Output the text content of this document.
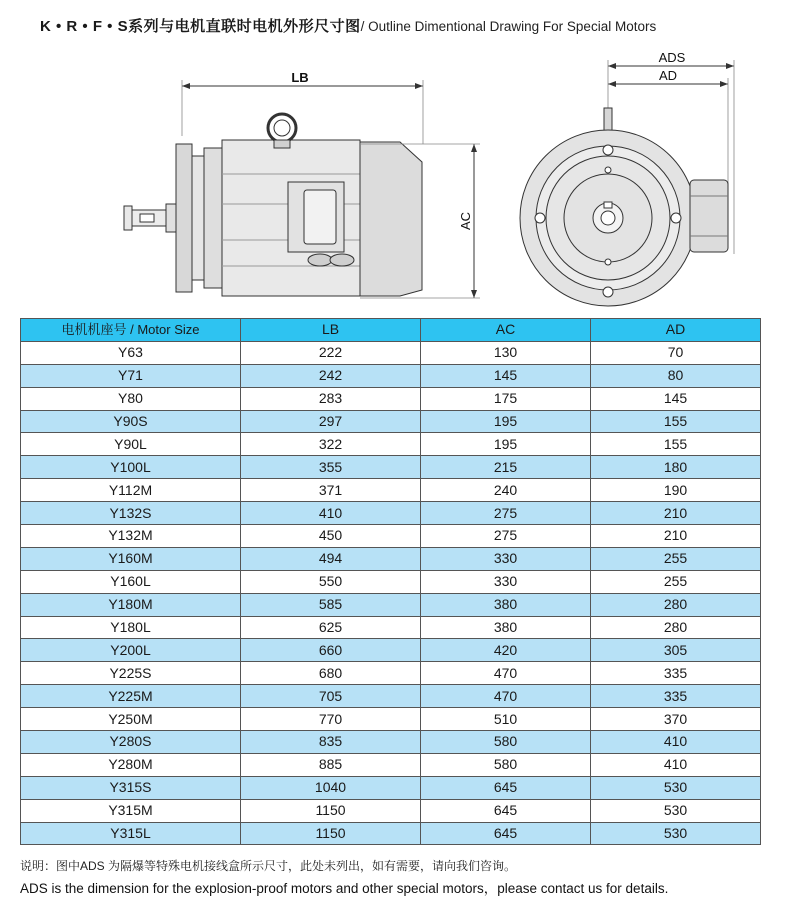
K • R • F • S系列与电机直联时电机外形尺寸图/ Outline Dimentional Drawing For Special Motors
LB
AC
ADS
AD
电机机座号 / Motor Size	LB	AC	AD
Y63	222	130	70
Y71	242	145	80
Y80	283	175	145
Y90S	297	195	155
Y90L	322	195	155
Y100L	355	215	180
Y112M	371	240	190
Y132S	410	275	210
Y132M	450	275	210
Y160M	494	330	255
Y160L	550	330	255
Y180M	585	380	280
Y180L	625	380	280
Y200L	660	420	305
Y225S	680	470	335
Y225M	705	470	335
Y250M	770	510	370
Y280S	835	580	410
Y280M	885	580	410
Y315S	1040	645	530
Y315M	1150	645	530
Y315L	1150	645	530
说明：图中ADS 为隔爆等特殊电机接线盒所示尺寸，此处未列出，如有需要，请向我们咨询。
ADS is the dimension for the explosion-proof motors and other special motors，please contact us for details.
